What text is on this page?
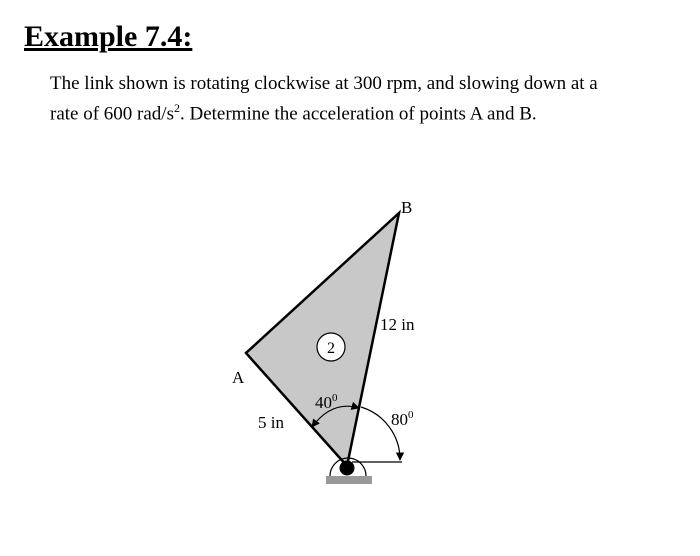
Example 7.4:

The link shown is rotating clockwise at 300 rpm, and slowing down at a
rate of 600 rad/$s^2$. Determine the acceleration of points A and B.

2
B
A
12 in
5 in
$40^0$
$80^0$
